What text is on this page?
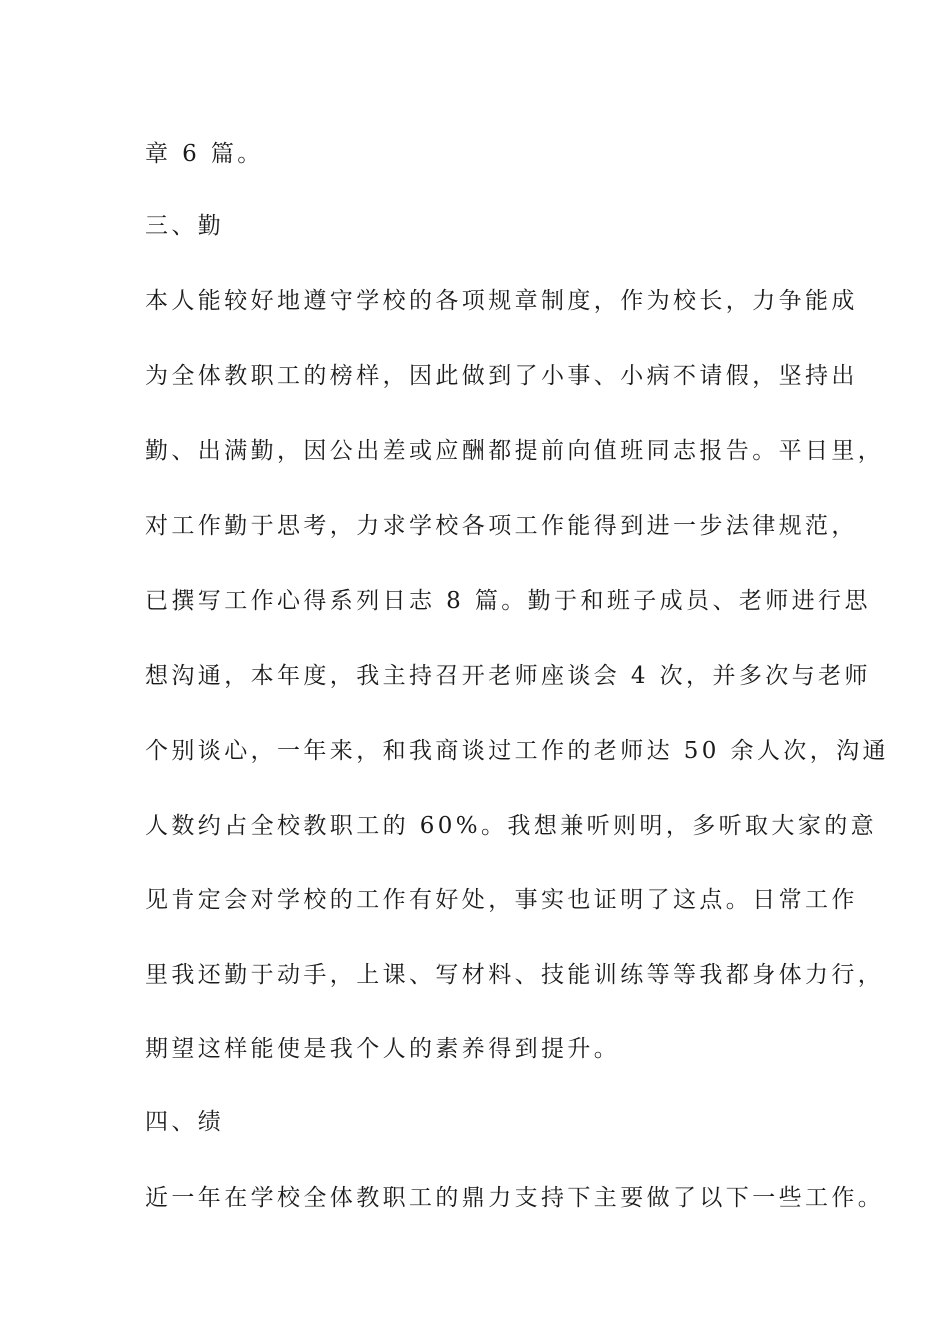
章 6 篇。
三、勤
本人能较好地遵守学校的各项规章制度，作为校长，力争能成
为全体教职工的榜样，因此做到了小事、小病不请假，坚持出
勤、出满勤，因公出差或应酬都提前向值班同志报告。平日里，
对工作勤于思考，力求学校各项工作能得到进一步法律规范，
已撰写工作心得系列日志 8 篇。勤于和班子成员、老师进行思
想沟通，本年度，我主持召开老师座谈会 4 次，并多次与老师
个别谈心，一年来，和我商谈过工作的老师达 50 余人次，沟通
人数约占全校教职工的 60%。我想兼听则明，多听取大家的意
见肯定会对学校的工作有好处，事实也证明了这点。日常工作
里我还勤于动手，上课、写材料、技能训练等等我都身体力行，
期望这样能使是我个人的素养得到提升。
四、绩
近一年在学校全体教职工的鼎力支持下主要做了以下一些工作。
